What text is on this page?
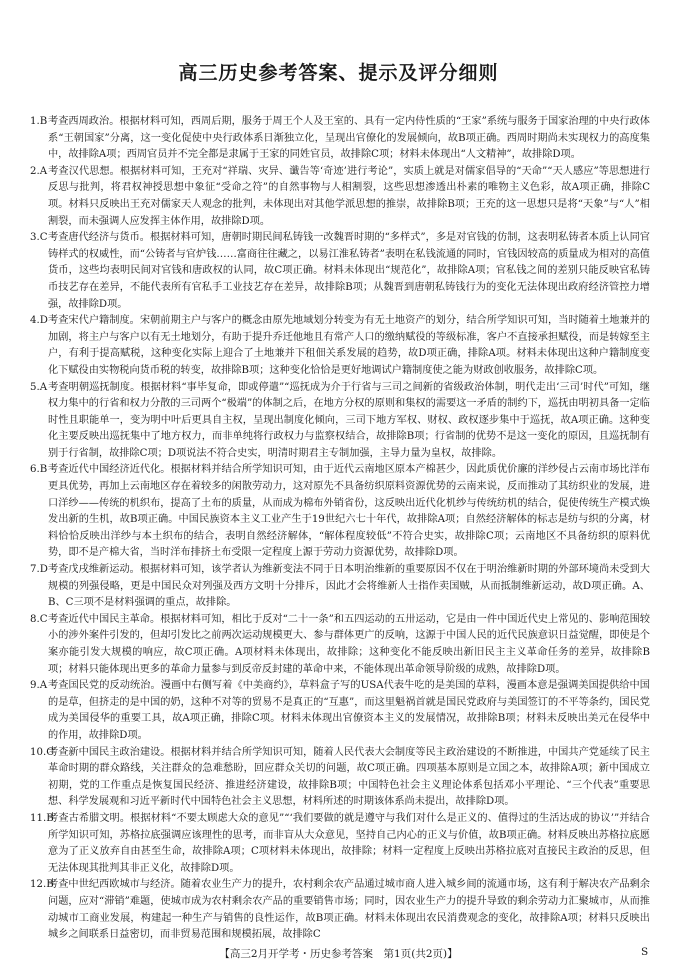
高三历史参考答案、提示及评分细则

1.B考查西周政治。根据材料可知，西周后期，服务于周王个人及王室的、具有一定内侍性质的“王家”系统与服务于国家治理的中央行政体系“王朝国家”分离，这一变化促使中央行政体系日渐独立化，呈现出官僚化的发展倾向，故B项正确。西周时期尚未实现权力的高度集中，故排除A项；西周官员并不完全都是隶属于王家的同姓官员，故排除C项；材料未体现出“人文精神”，故排除D项。

2.A考查汉代思想。根据材料可知，王充对“祥瑞、灾异、谶告等‘奇迹’进行考论”，实质上就是对儒家倡导的“天命”“天人感应”等思想进行反思与批判，将君权神授思想中象征“受命之符”的自然事物与人相割裂，这些思想渗透出朴素的唯物主义色彩，故A项正确，排除C项。材料只反映出王充对儒家天人观念的批判，未体现出对其他学派思想的推崇，故排除B项；王充的这一思想只是将“天象”与“人”相割裂，而未强调人应发挥主体作用，故排除D项。

3.C考查唐代经济与货币。根据材料可知，唐朝时期民间私铸钱一改魏晋时期的“多样式”，多是对官钱的仿制，这表明私铸者本质上认同官铸样式的权威性，而“公铸者与官炉钱……富商往往藏之，以易江淮私铸者”表明在私钱流通的同时，官钱因较高的质量成为相对的高值货币，这些均表明民间对官钱和唐政权的认同，故C项正确。材料未体现出“规范化”，故排除A项；官私钱之间的差别只能反映官私铸币技艺存在差异，不能代表所有官私手工业技艺存在差异，故排除B项；从魏晋到唐朝私铸钱行为的变化无法体现出政府经济管控力增强，故排除D项。

4.D考查宋代户籍制度。宋朝前期主户与客户的概念由原先地域划分转变为有无土地资产的划分，结合所学知识可知，当时随着土地兼并的加剧，将主户与客户以有无土地划分，有助于提升乔迁他地且有常产人口的缴纳赋役的等级标准，客户不直接承担赋役，而是转嫁至主户，有利于提高赋税，这种变化实际上迎合了土地兼并下租佃关系发展的趋势，故D项正确，排除A项。材料未体现出这种户籍制度变化下赋役由实物税向货币税的转变，故排除B项；这种变化恰恰是更好地调试户籍制度使之能为财政创收服务，故排除C项。

5.A考查明朝巡抚制度。根据材料“事毕复命，即或停遣”“巡抚成为介于行省与三司之间新的省级政治体制，明代走出‘三司’时代”可知，继权力集中的行省和权力分散的三司两个“极端”的体制之后，在地方分权的原则和集权的需要这一矛盾的制约下，巡抚由明初具备一定临时性且职能单一，变为明中叶后更具自主权，呈现出制度化倾向，三司下地方军权、财权、政权逐步集中于巡抚，故A项正确。这种变化主要反映出巡抚集中了地方权力，而非单纯将行政权力与监察权结合，故排除B项；行省制的优势不是这一变化的原因，且巡抚制有别于行省制，故排除C项；D项说法不符合史实，明清时期君主专制加强，主导力量为皇权，故排除。

6.B考查近代中国经济近代化。根据材料并结合所学知识可知，由于近代云南地区原本产棉甚少，因此质优价廉的洋纱侵占云南市场比洋布更具优势，再加上云南地区存在着较多的闲散劳动力，这对原先不具备纺织原料资源优势的云南来说，反而推动了其纺织业的发展，进口洋纱——传统的机织布，提高了土布的质量，从而成为棉布外销省份，这反映出近代化机纱与传统纺机的结合，促使传统生产模式焕发出新的生机，故B项正确。中国民族资本主义工业产生于19世纪六七十年代，故排除A项；自然经济解体的标志是纺与织的分离，材料恰恰反映出洋纱与本土织布的结合，表明自然经济解体，“解体程度较低”不符合史实，故排除C项；云南地区不具备纺织的原料优势，即不是产棉大省，当时洋布排挤土布受限一定程度上源于劳动力资源优势，故排除D项。

7.D考查戊戌维新运动。根据材料可知，该学者认为维新变法不同于日本明治维新的重要原因不仅在于明治维新时期的外部环境尚未受到大规模的列强侵略，更是中国民众对列强及西方文明十分排斥，因此才会将维新人士指作卖国贼，从而抵制维新运动，故D项正确。A、B、C三项不是材料强调的重点，故排除。

8.C考查近代中国民主革命。根据材料可知，相比于反对“二十一条”和五四运动的五卅运动，它是由一件中国近代史上常见的、影响范围较小的涉外案件引发的，但却引发比之前两次运动规模更大、参与群体更广的反响，这源于中国人民的近代民族意识日益觉醒，即使是个案亦能引发大规模的响应，故C项正确。A项材料未体现出，故排除；这种变化不能反映出新旧民主主义革命任务的差异，故排除B项；材料只能体现出更多的革命力量参与到反帝反封建的革命中来，不能体现出革命领导阶级的成熟，故排除D项。

9.A考查国民党的反动统治。漫画中右侧写着《中美商约》，草料盒子写的USA代表牛吃的是美国的草料，漫画本意是强调美国提供给中国的是草，但挤走的是中国的奶，这种不对等的贸易不是真正的“互惠”，而这里魁祸首就是国民党政府与美国签订的不平等条约，国民党成为美国侵华的重要工具，故A项正确，排除C项。材料未体现出官僚资本主义的发展情况，故排除B项；材料未反映出美元在侵华中的作用，故排除D项。

10.C考查新中国民主政治建设。根据材料并结合所学知识可知，随着人民代表大会制度等民主政治建设的不断推进，中国共产党延续了民主革命时期的群众路线，关注群众的急难愁盼，回应群众关切的问题，故C项正确。四项基本原则是立国之本，故排除A项；新中国成立初期，党的工作重点是恢复国民经济、推进经济建设，故排除B项；中国特色社会主义理论体系包括邓小平理论、“三个代表”重要思想、科学发展观和习近平新时代中国特色社会主义思想，材料所述的时期该体系尚未提出，故排除D项。

11.B考查古希腊文明。根据材料“不要太顾虑大众的意见”“‘我们要做的就是遵守与我们对什么是正义的、值得过的生活达成的协议’”并结合所学知识可知，苏格拉底强调应该理性的思考，而非盲从大众意见，坚持自己内心的正义与价值，故B项正确。材料反映出苏格拉底愿意为了正义放弃自由甚至生命，故排除A项；C项材料未体现出，故排除；材料一定程度上反映出苏格拉底对直接民主政治的反思，但无法体现其批判其非正义化，故排除D项。

12.B考查中世纪西欧城市与经济。随着农业生产力的提升，农村剩余农产品通过城市商人进入城乡间的流通市场，这有利于解决农产品剩余问题，应对“滞销”难题，使城市成为农村剩余农产品的重要销售市场；同时，因农业生产力的提升导致的剩余劳动力汇聚城市，从而推动城市工商业发展，构建起一种生产与销售的良性运作，故B项正确。材料未体现出农民消费观念的变化，故排除A项；材料只反映出城乡之间联系日益密切，而非贸易范围和规模拓展，故排除C

【高三2月开学考・历史参考答案　第1页(共2页)】	S
